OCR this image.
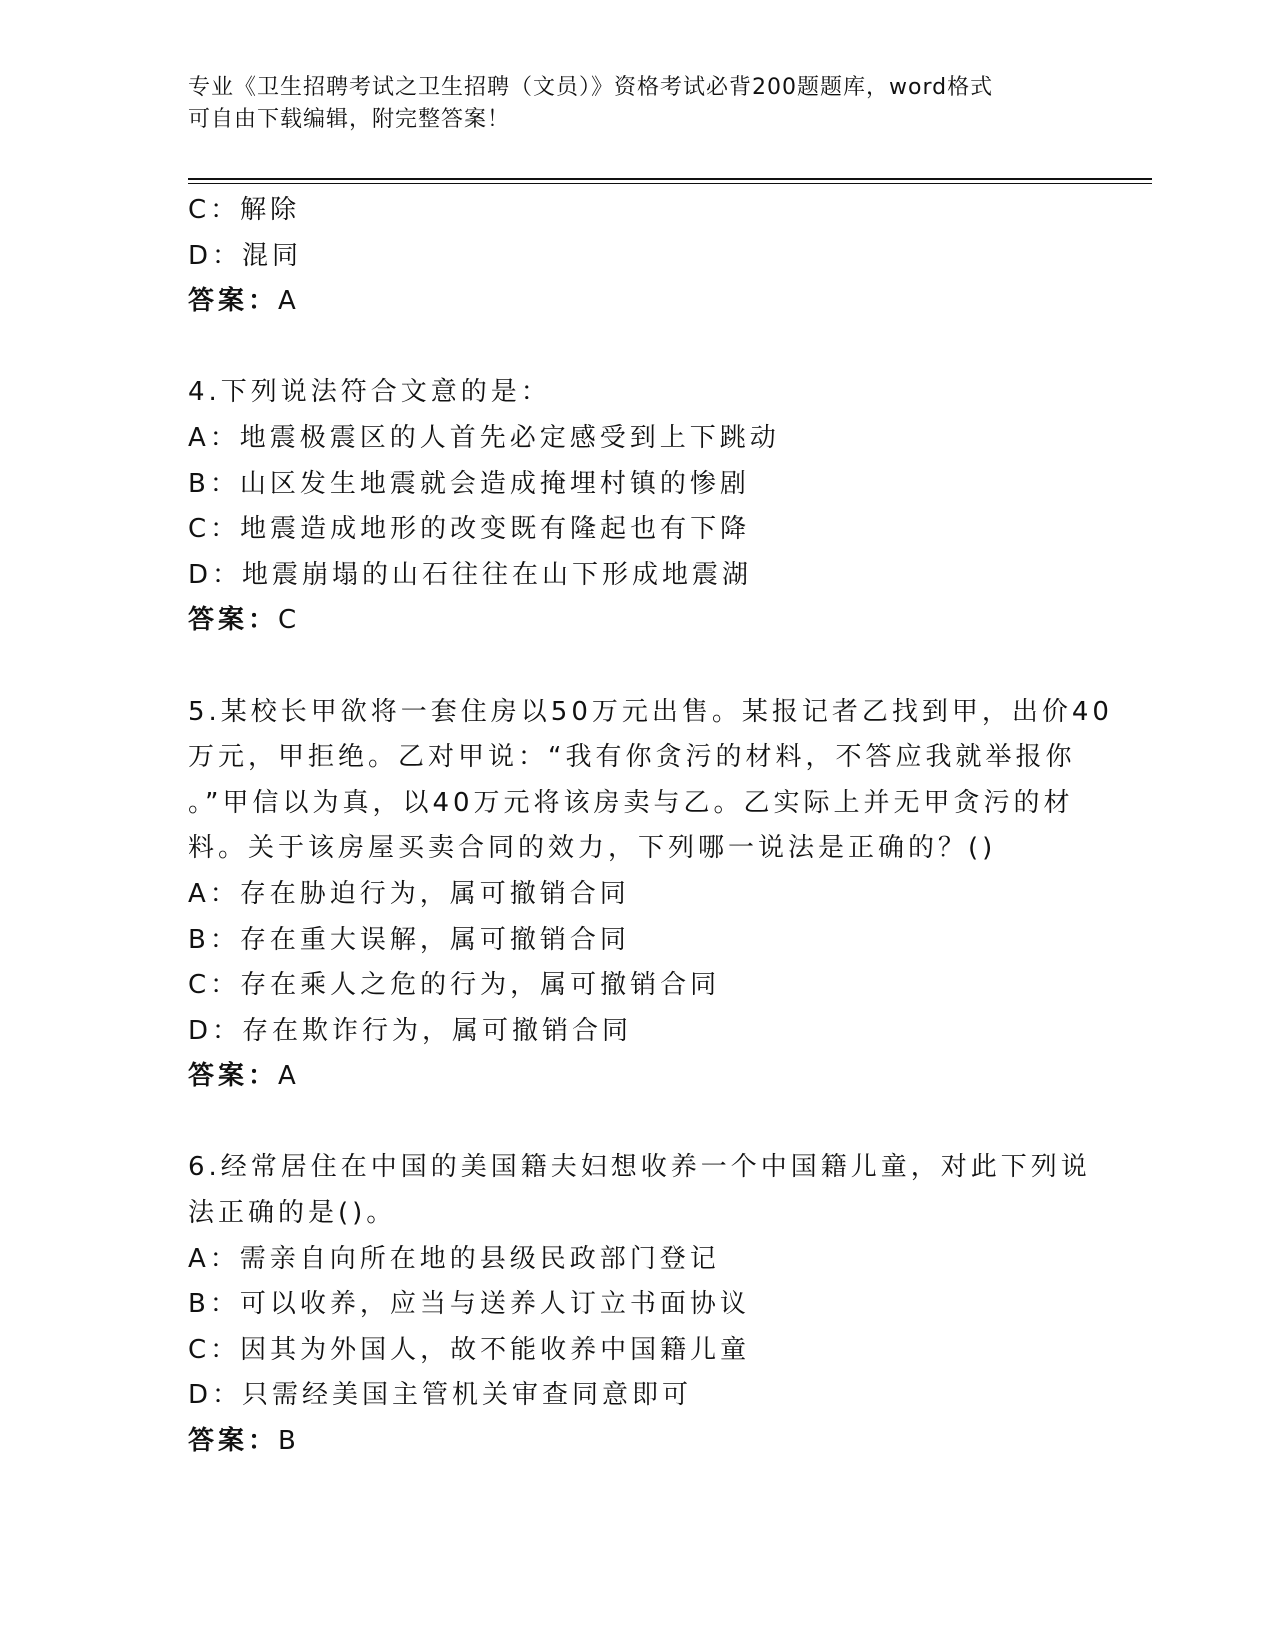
专业《卫生招聘考试之卫生招聘（文员）》资格考试必背200题题库，word格式
可自由下载编辑，附完整答案！
C：解除
D：混同
答案：A
4.下列说法符合文意的是：
A：地震极震区的人首先必定感受到上下跳动
B：山区发生地震就会造成掩埋村镇的惨剧
C：地震造成地形的改变既有隆起也有下降
D：地震崩塌的山石往往在山下形成地震湖
答案：C
5.某校长甲欲将一套住房以50万元出售。某报记者乙找到甲，出价40
万元，甲拒绝。乙对甲说：“我有你贪污的材料，不答应我就举报你
。”甲信以为真，以40万元将该房卖与乙。乙实际上并无甲贪污的材
料。关于该房屋买卖合同的效力，下列哪一说法是正确的？()
A：存在胁迫行为，属可撤销合同
B：存在重大误解，属可撤销合同
C：存在乘人之危的行为，属可撤销合同
D：存在欺诈行为，属可撤销合同
答案：A
6.经常居住在中国的美国籍夫妇想收养一个中国籍儿童，对此下列说
法正确的是()。
A：需亲自向所在地的县级民政部门登记
B：可以收养，应当与送养人订立书面协议
C：因其为外国人，故不能收养中国籍儿童
D：只需经美国主管机关审查同意即可
答案：B
